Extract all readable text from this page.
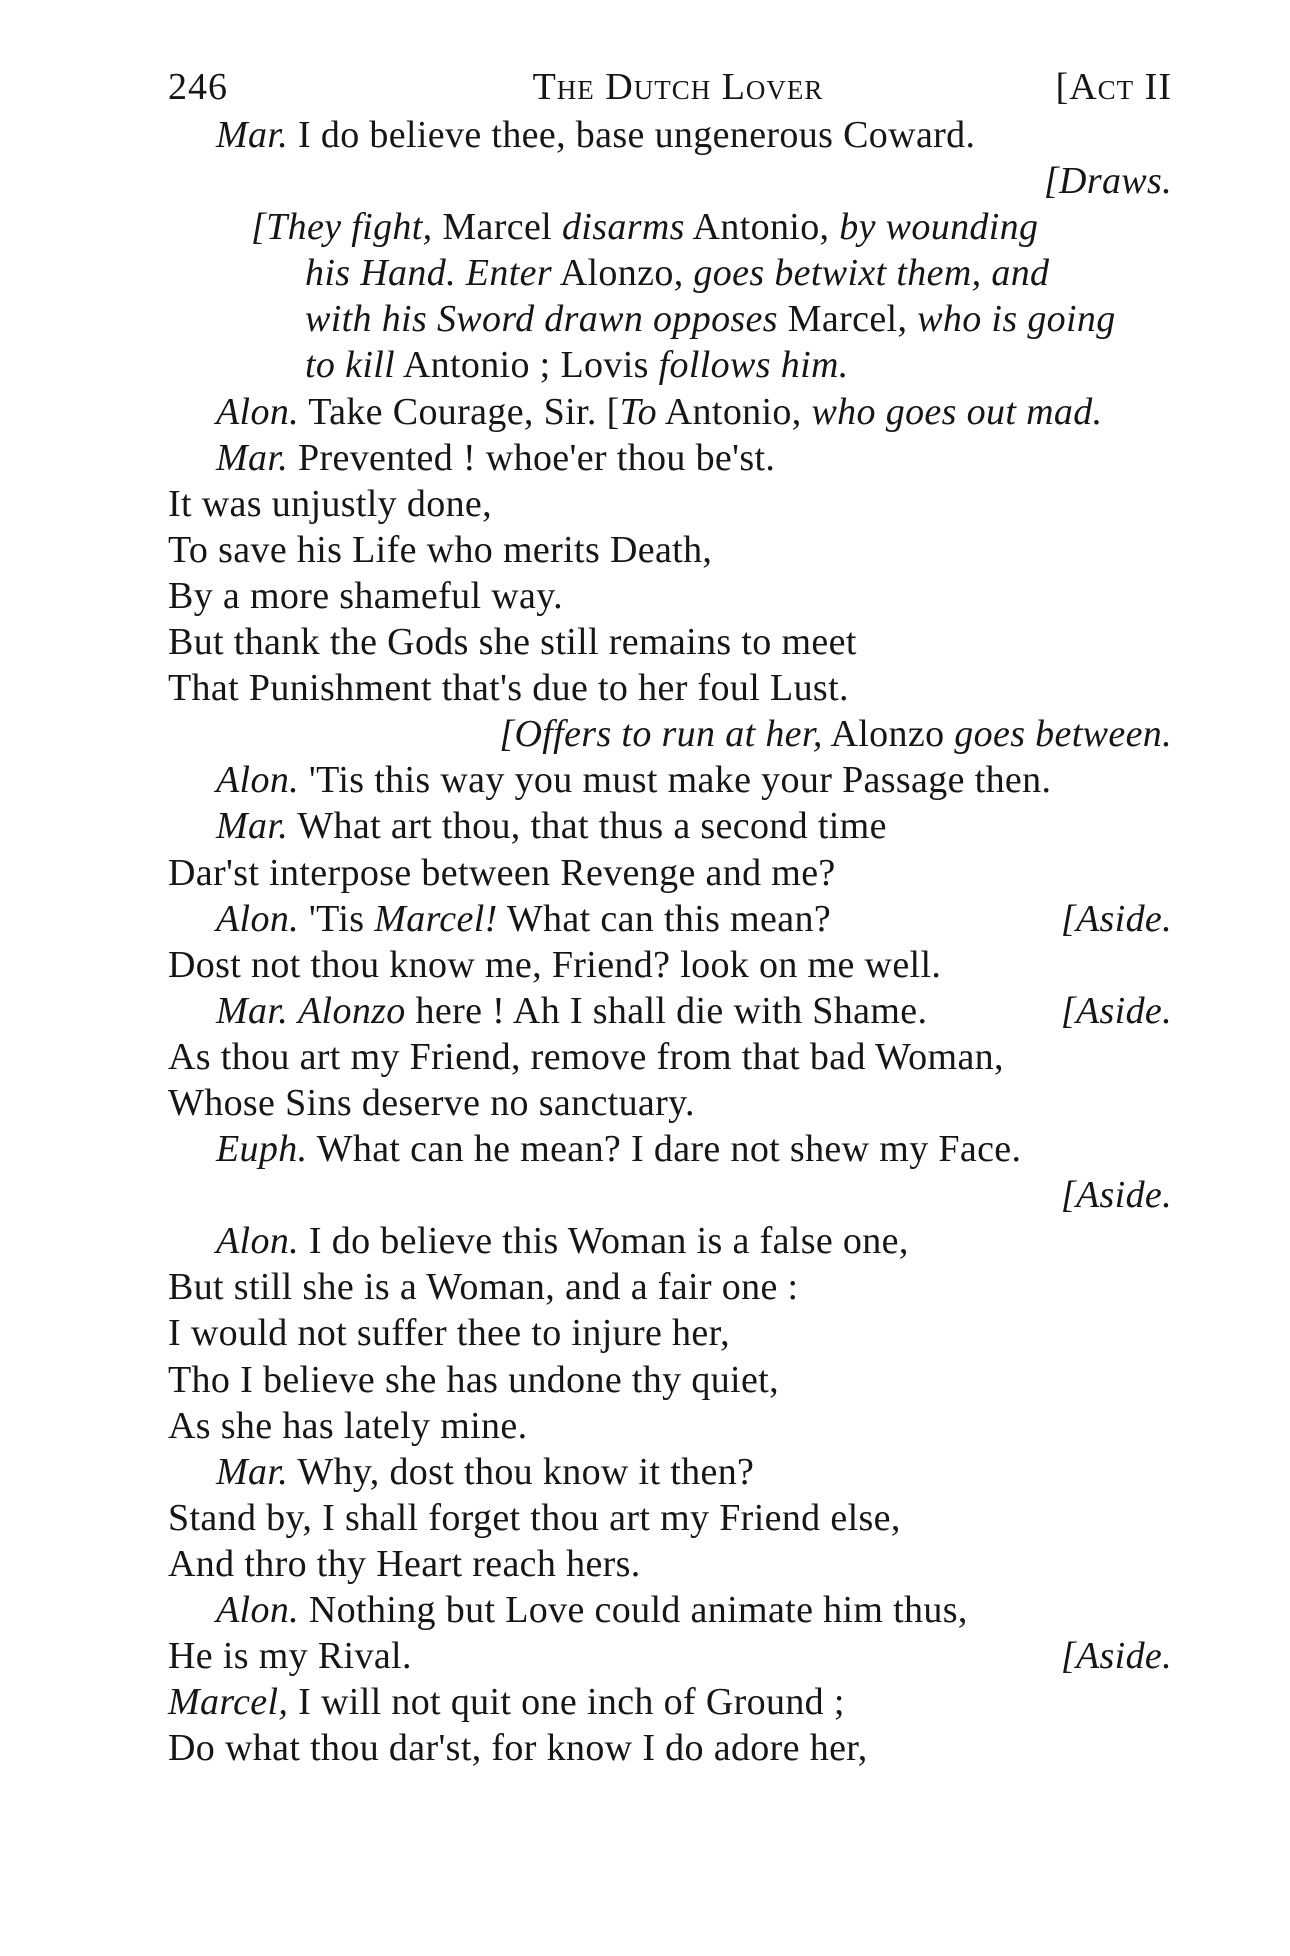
246	The Dutch Lover	[Act II
Mar. I do believe thee, base ungenerous Coward.
[Draws.
[They fight, Marcel disarms Antonio, by wounding
his Hand. Enter Alonzo, goes betwixt them, and
with his Sword drawn opposes Marcel, who is going
to kill Antonio ; Lovis follows him.
Alon. Take Courage, Sir. [To Antonio, who goes out mad.
Mar. Prevented ! whoe'er thou be'st.
It was unjustly done,
To save his Life who merits Death,
By a more shameful way.
But thank the Gods she still remains to meet
That Punishment that's due to her foul Lust.
[Offers to run at her, Alonzo goes between.
Alon. 'Tis this way you must make your Passage then.
Mar. What art thou, that thus a second time
Dar'st interpose between Revenge and me?
Alon. 'Tis Marcel! What can this mean?	[Aside.
Dost not thou know me, Friend? look on me well.
Mar. Alonzo here ! Ah I shall die with Shame.	[Aside.
As thou art my Friend, remove from that bad Woman,
Whose Sins deserve no sanctuary.
Euph. What can he mean? I dare not shew my Face.
[Aside.
Alon. I do believe this Woman is a false one,
But still she is a Woman, and a fair one :
I would not suffer thee to injure her,
Tho I believe she has undone thy quiet,
As she has lately mine.
Mar. Why, dost thou know it then?
Stand by, I shall forget thou art my Friend else,
And thro thy Heart reach hers.
Alon. Nothing but Love could animate him thus,
He is my Rival.	[Aside.
Marcel, I will not quit one inch of Ground ;
Do what thou dar'st, for know I do adore her,
